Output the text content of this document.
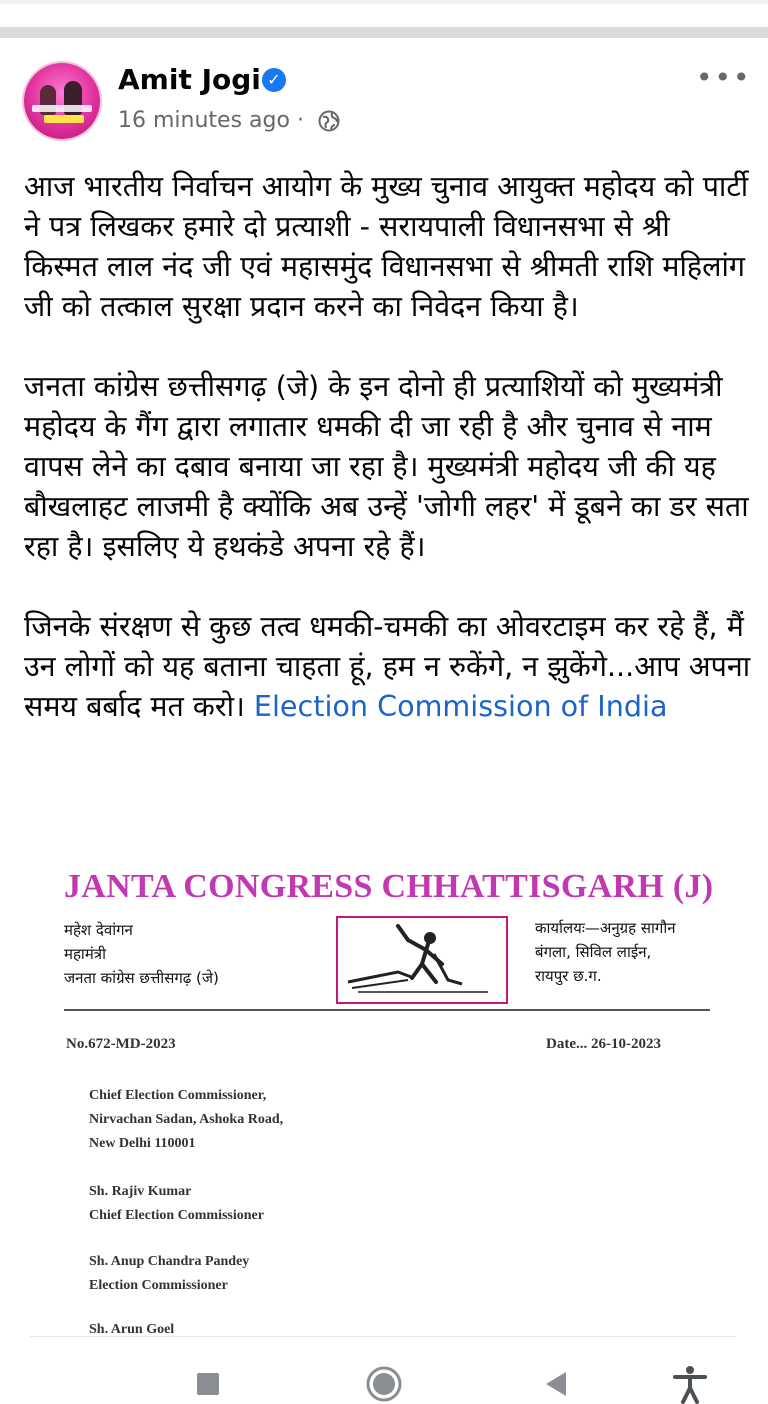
Amit Jogi ✓
16 minutes ago ·
•••

आज भारतीय निर्वाचन आयोग के मुख्य चुनाव आयुक्त महोदय को पार्टी ने पत्र लिखकर हमारे दो प्रत्याशी - सरायपाली विधानसभा से श्री किस्मत लाल नंद जी एवं महासमुंद विधानसभा से श्रीमती राशि महिलांग जी को तत्काल सुरक्षा प्रदान करने का निवेदन किया है।

जनता कांग्रेस छत्तीसगढ़ (जे) के इन दोनो ही प्रत्याशियों को मुख्यमंत्री महोदय के गैंग द्वारा लगातार धमकी दी जा रही है और चुनाव से नाम वापस लेने का दबाव बनाया जा रहा है। मुख्यमंत्री महोदय जी की यह बौखलाहट लाजमी है क्योंकि अब उन्हें 'जोगी लहर' में डूबने का डर सता रहा है। इसलिए ये हथकंडे अपना रहे हैं।

जिनके संरक्षण से कुछ तत्व धमकी-चमकी का ओवरटाइम कर रहे हैं, मैं उन लोगों को यह बताना चाहता हूं, हम न रुकेंगे, न झुकेंगे...आप अपना समय बर्बाद मत करो। Election Commission of India

JANTA CONGRESS CHHATTISGARH (J)
महेश देवांगन
महामंत्री
जनता कांग्रेस छत्तीसगढ़ (जे)
कार्यालयः—अनुग्रह सागौन
बंगला, सिविल लाईन,
रायपुर छ.ग.
No.672-MD-2023	Date... 26-10-2023
Chief Election Commissioner,
Nirvachan Sadan, Ashoka Road,
New Delhi 110001
Sh. Rajiv Kumar
Chief Election Commissioner
Sh. Anup Chandra Pandey
Election Commissioner
Sh. Arun Goel
